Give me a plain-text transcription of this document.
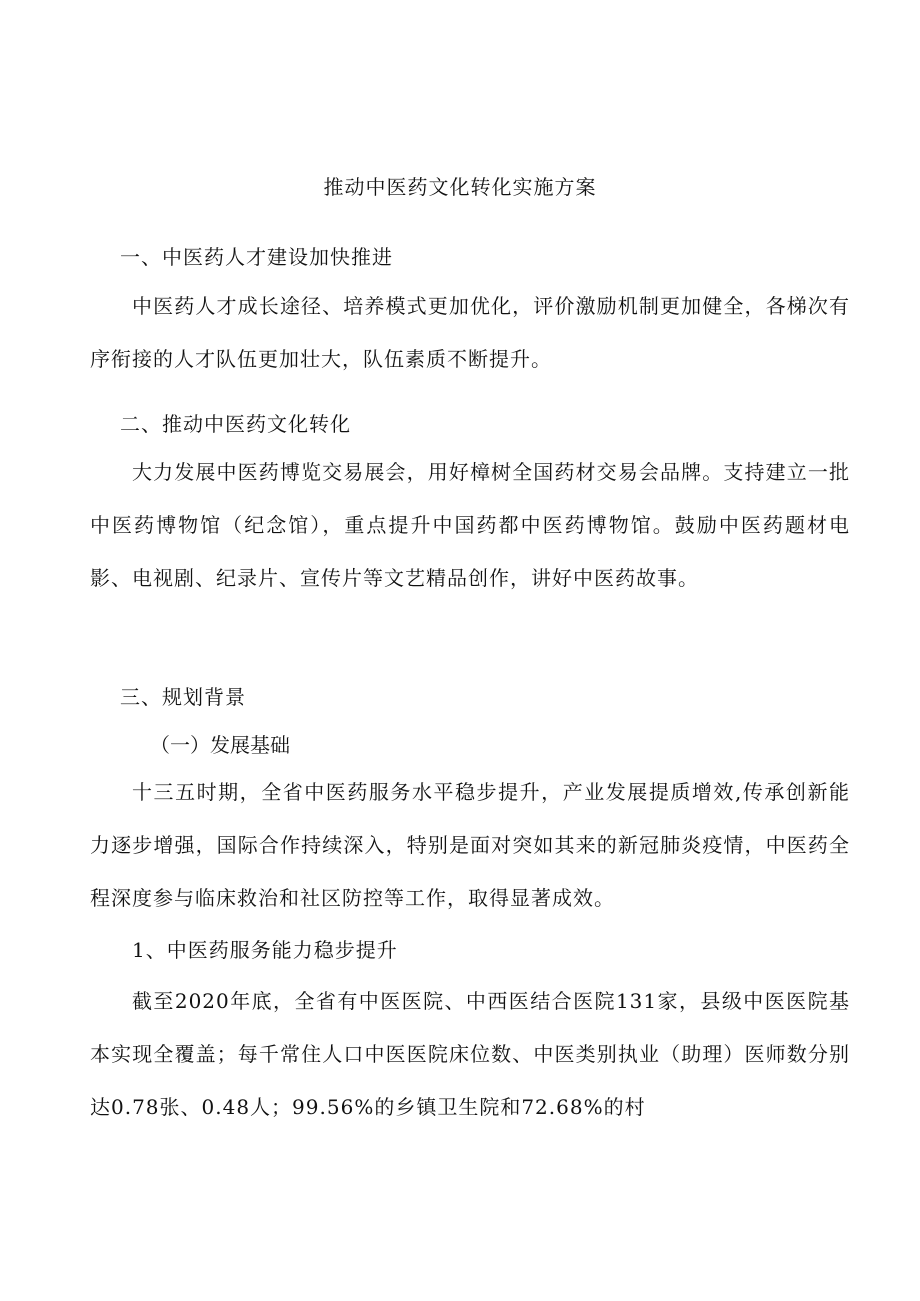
推动中医药文化转化实施方案
一、中医药人才建设加快推进
中医药人才成长途径、培养模式更加优化，评价激励机制更加健全，各梯次有序衔接的人才队伍更加壮大，队伍素质不断提升。
二、推动中医药文化转化
大力发展中医药博览交易展会，用好樟树全国药材交易会品牌。支持建立一批中医药博物馆（纪念馆），重点提升中国药都中医药博物馆。鼓励中医药题材电影、电视剧、纪录片、宣传片等文艺精品创作，讲好中医药故事。
三、规划背景
（一）发展基础
十三五时期，全省中医药服务水平稳步提升，产业发展提质增效,传承创新能力逐步增强，国际合作持续深入，特别是面对突如其来的新冠肺炎疫情，中医药全程深度参与临床救治和社区防控等工作，取得显著成效。
1、中医药服务能力稳步提升
截至2020年底，全省有中医医院、中西医结合医院131家，县级中医医院基本实现全覆盖；每千常住人口中医医院床位数、中医类别执业（助理）医师数分别达0.78张、0.48人；99.56%的乡镇卫生院和72.68%的村
